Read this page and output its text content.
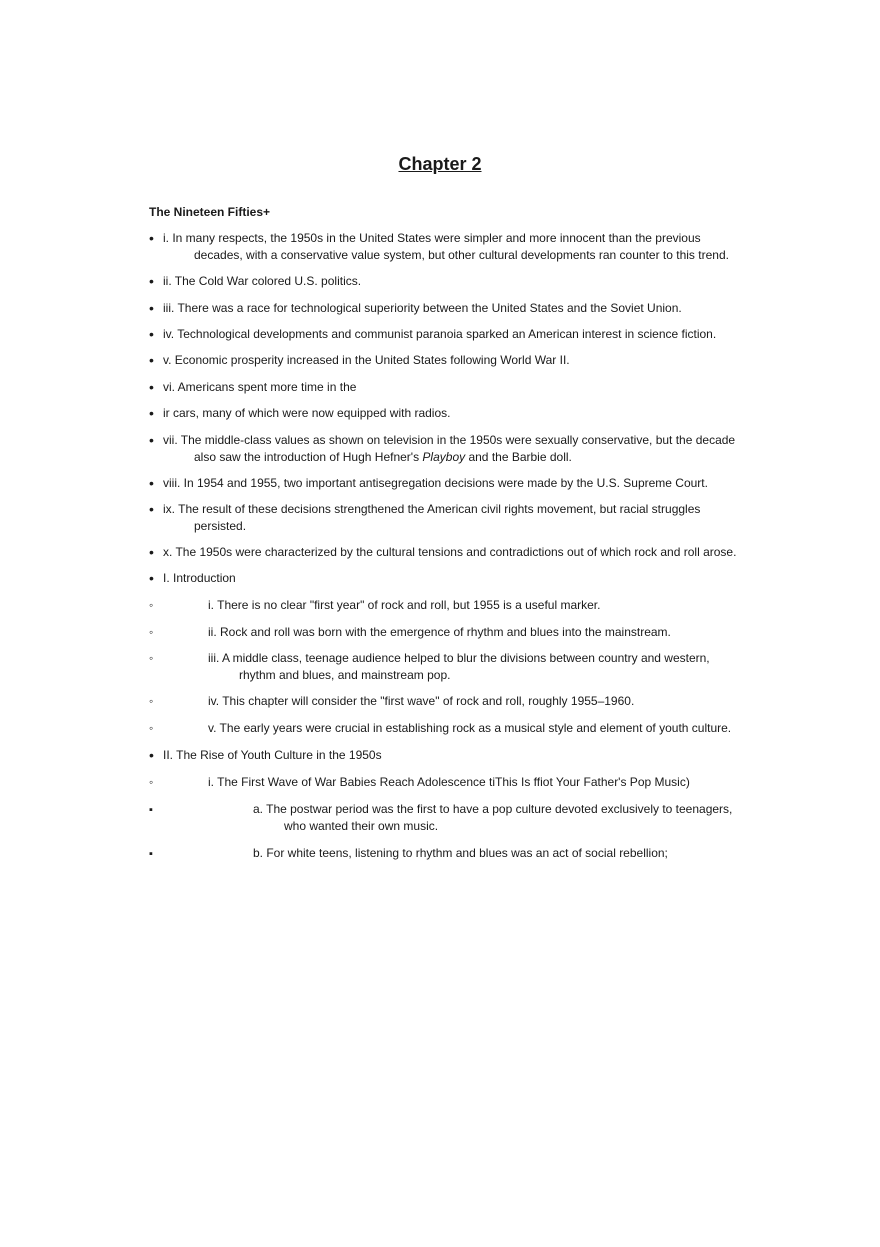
Chapter 2

The Nineteen Fifties+

•
i. In many respects, the 1950s in the United States were simpler and more innocent than the previous decades, with a conservative value system, but other cultural developments ran counter to this trend.
•
ii. The Cold War colored U.S. politics.
•
iii. There was a race for technological superiority between the United States and the Soviet Union.
•
iv. Technological developments and communist paranoia sparked an American interest in science fiction.
•
v. Economic prosperity increased in the United States following World War II.
•
vi. Americans spent more time in the
•
ir cars, many of which were now equipped with radios.
•
vii. The middle-class values as shown on television in the 1950s were sexually conservative, but the decade also saw the introduction of Hugh Hefner's Playboy and the Barbie doll.
•
viii. In 1954 and 1955, two important antisegregation decisions were made by the U.S. Supreme Court.
•
ix. The result of these decisions strengthened the American civil rights movement, but racial struggles persisted.
•
x. The 1950s were characterized by the cultural tensions and contradictions out of which rock and roll arose.
•
I. Introduction
◦
i. There is no clear "first year" of rock and roll, but 1955 is a useful marker.
◦
ii. Rock and roll was born with the emergence of rhythm and blues into the mainstream.
◦
iii. A middle class, teenage audience helped to blur the divisions between country and western, rhythm and blues, and mainstream pop.
◦
iv. This chapter will consider the "first wave" of rock and roll, roughly 1955–1960.
◦
v. The early years were crucial in establishing rock as a musical style and element of youth culture.
•
II. The Rise of Youth Culture in the 1950s
◦
i. The First Wave of War Babies Reach Adolescence tiThis Is ffiot Your Father's Pop Music)
▪
a. The postwar period was the first to have a pop culture devoted exclusively to teenagers, who wanted their own music.
▪
b. For white teens, listening to rhythm and blues was an act of social rebellion;
